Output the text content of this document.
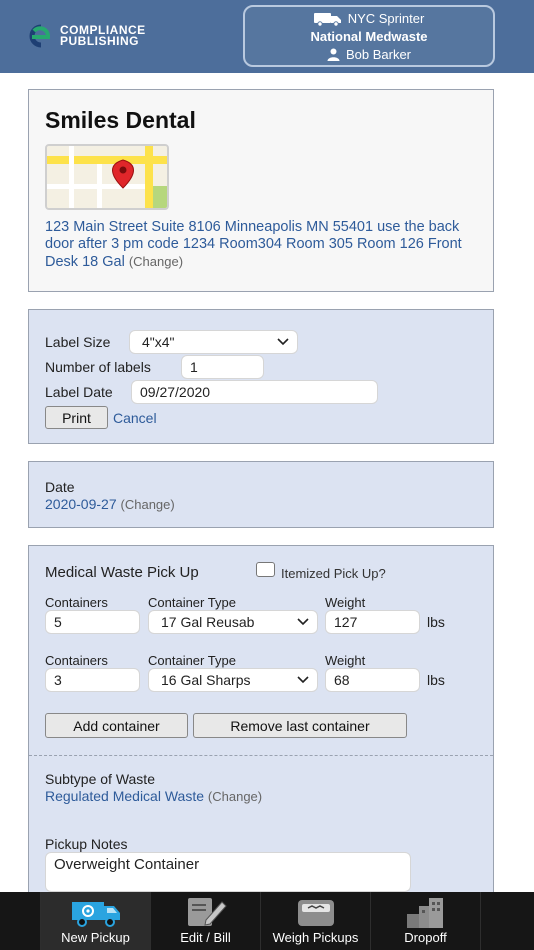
COMPLIANCE
PUBLISHING
NYC Sprinter
National Medwaste
Bob Barker
Smiles Dental
123 Main Street Suite 8106 Minneapolis MN 55401 use the back door after 3 pm code 1234 Room304 Room 305 Room 126 Front Desk 18 Gal (Change)
Label Size	4"x4"
Number of labels	1
Label Date	09/27/2020
Print	Cancel
Date
2020-09-27 (Change)
Medical Waste Pick Up	Itemized Pick Up?
Containers	Container Type	Weight
5	17 Gal Reusab	127	lbs
Containers	Container Type	Weight
3	16 Gal Sharps	68	lbs
Add container	Remove last container
Subtype of Waste
Regulated Medical Waste (Change)
Pickup Notes
Overweight Container
New Pickup	Edit / Bill	Weigh Pickups	Dropoff
